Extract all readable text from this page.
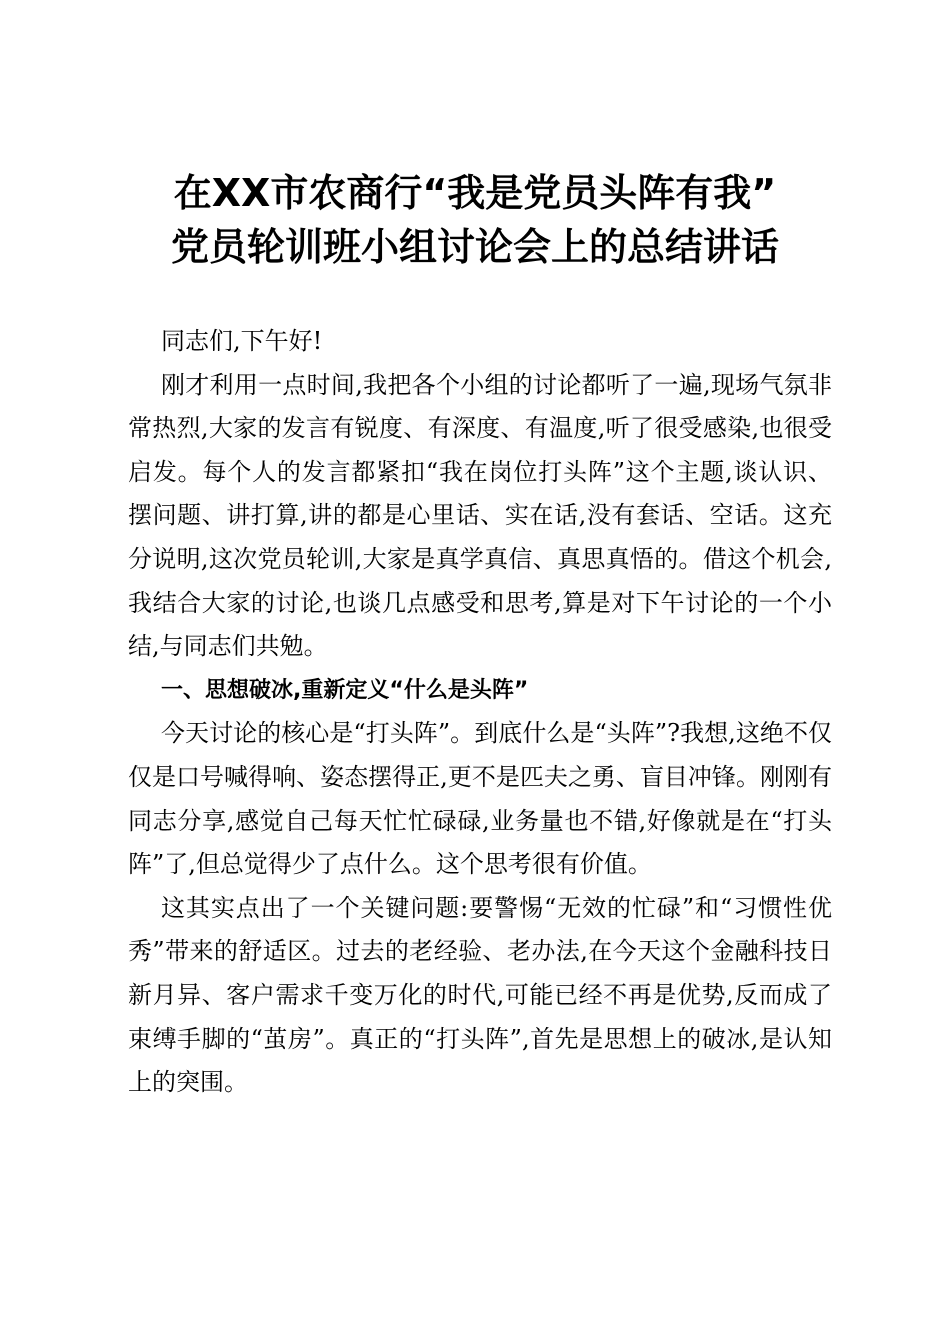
在XX市农商行“我是党员头阵有我”
党员轮训班小组讨论会上的总结讲话

同志们,下午好!

刚才利用一点时间,我把各个小组的讨论都听了一遍,现场气氛非常热烈,大家的发言有锐度、有深度、有温度,听了很受感染,也很受启发。每个人的发言都紧扣“我在岗位打头阵”这个主题,谈认识、摆问题、讲打算,讲的都是心里话、实在话,没有套话、空话。这充分说明,这次党员轮训,大家是真学真信、真思真悟的。借这个机会,我结合大家的讨论,也谈几点感受和思考,算是对下午讨论的一个小结,与同志们共勉。

一、思想破冰,重新定义“什么是头阵”

今天讨论的核心是“打头阵”。到底什么是“头阵”?我想,这绝不仅仅是口号喊得响、姿态摆得正,更不是匹夫之勇、盲目冲锋。刚刚有同志分享,感觉自己每天忙忙碌碌,业务量也不错,好像就是在“打头阵”了,但总觉得少了点什么。这个思考很有价值。

这其实点出了一个关键问题:要警惕“无效的忙碌”和“习惯性优秀”带来的舒适区。过去的老经验、老办法,在今天这个金融科技日新月异、客户需求千变万化的时代,可能已经不再是优势,反而成了束缚手脚的“茧房”。真正的“打头阵”,首先是思想上的破冰,是认知上的突围。
